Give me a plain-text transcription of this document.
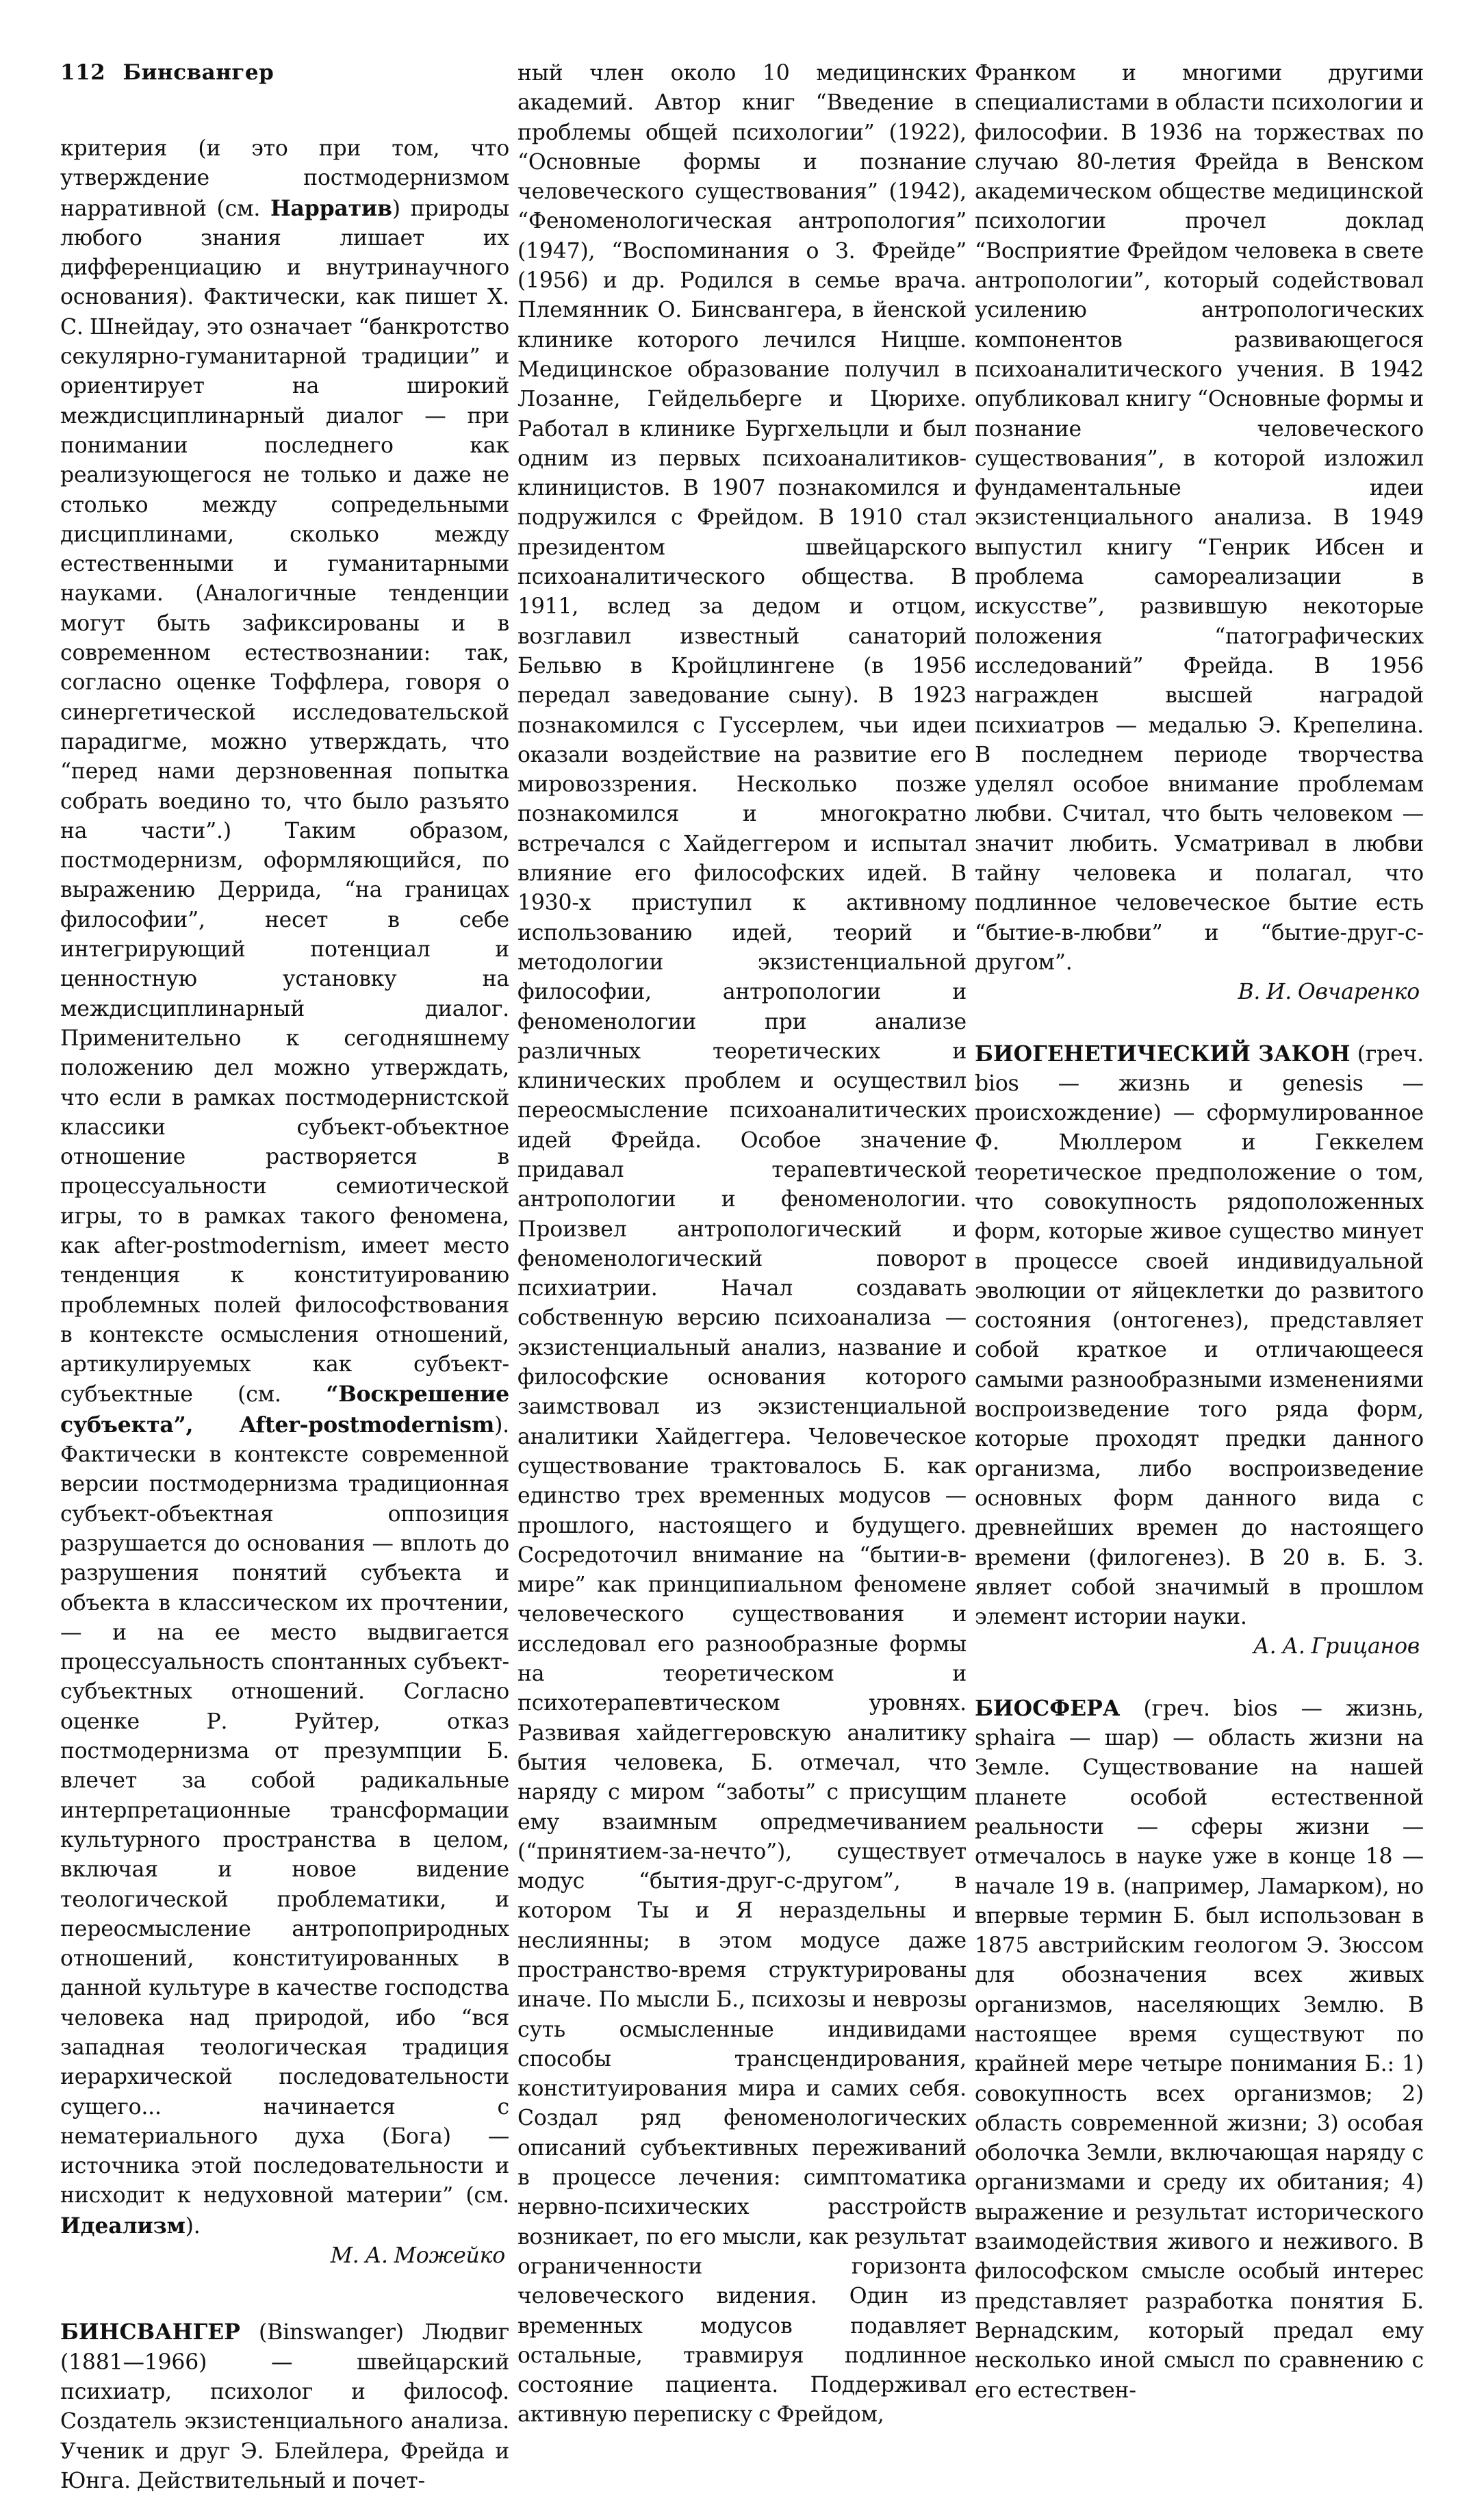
112 Бинсвангер

критерия (и это при том, что утверждение постмодернизмом нарративной (см. Нарратив) природы любого знания лишает их дифференциацию и внутринаучного основания). Фактически, как пишет X. С. Шнейдау, это означает “банкротство секулярно-гуманитарной традиции” и ориентирует на широкий междисциплинарный диалог — при понимании последнего как реализующегося не только и даже не столько между сопредельными дисциплинами, сколько между естественными и гуманитарными науками. (Аналогичные тенденции могут быть зафиксированы и в современном естествознании: так, согласно оценке Тоффлера, говоря о синергетической исследовательской парадигме, можно утверждать, что “перед нами дерзновенная попытка собрать воедино то, что было разъято на части”.) Таким образом, постмодернизм, оформляющийся, по выражению Деррида, “на границах философии”, несет в себе интегрирующий потенциал и ценностную установку на междисциплинарный диалог. Применительно к сегодняшнему положению дел можно утверждать, что если в рамках постмодернистской классики субъект-объектное отношение растворяется в процессуальности семиотической игры, то в рамках такого феномена, как after-postmodernism, имеет место тенденция к конституированию проблемных полей философствования в контексте осмысления отношений, артикулируемых как субъект-субъектные (см. “Воскрешение субъекта”, After-postmodernism). Фактически в контексте современной версии постмодернизма традиционная субъект-объектная оппозиция разрушается до основания — вплоть до разрушения понятий субъекта и объекта в классическом их прочтении, — и на ее место выдвигается процессуальность спонтанных субъект-субъектных отношений. Согласно оценке Р. Руйтер, отказ постмодернизма от презумпции Б. влечет за собой радикальные интерпретационные трансформации культурного пространства в целом, включая и новое видение теологической проблематики, и переосмысление антропоприродных отношений, конституированных в данной культуре в качестве господства человека над природой, ибо “вся западная теологическая традиция иерархической последовательности сущего... начинается с нематериального духа (Бога) — источника этой последовательности и нисходит к недуховной материи” (см. Идеализм).

М. А. Можейко

БИНСВАНГЕР (Binswanger) Людвиг (1881—1966) — швейцарский психиатр, психолог и философ. Создатель экзистенциального анализа. Ученик и друг Э. Блейлера, Фрейда и Юнга. Действительный и почет-

ный член около 10 медицинских академий. Автор книг “Введение в проблемы общей психологии” (1922), “Основные формы и познание человеческого существования” (1942), “Феноменологическая антропология” (1947), “Воспоминания о З. Фрейде” (1956) и др. Родился в семье врача. Племянник О. Бинсвангера, в йенской клинике которого лечился Ницше. Медицинское образование получил в Лозанне, Гейдельберге и Цюрихе. Работал в клинике Бургхельцли и был одним из первых психоаналитиков-клиницистов. В 1907 познакомился и подружился с Фрейдом. В 1910 стал президентом швейцарского психоаналитического общества. В 1911, вслед за дедом и отцом, возглавил известный санаторий Бельвю в Кройцлингене (в 1956 передал заведование сыну). В 1923 познакомился с Гуссерлем, чьи идеи оказали воздействие на развитие его мировоззрения. Несколько позже познакомился и многократно встречался с Хайдеггером и испытал влияние его философских идей. В 1930-х приступил к активному использованию идей, теорий и методологии экзистенциальной философии, антропологии и феноменологии при анализе различных теоретических и клинических проблем и осуществил переосмысление психоаналитических идей Фрейда. Особое значение придавал терапевтической антропологии и феноменологии. Произвел антропологический и феноменологический поворот психиатрии. Начал создавать собственную версию психоанализа — экзистенциальный анализ, название и философские основания которого заимствовал из экзистенциальной аналитики Хайдеггера. Человеческое существование трактовалось Б. как единство трех временных модусов — прошлого, настоящего и будущего. Сосредоточил внимание на “бытии-в-мире” как принципиальном феномене человеческого существования и исследовал его разнообразные формы на теоретическом и психотерапевтическом уровнях. Развивая хайдеггеровскую аналитику бытия человека, Б. отмечал, что наряду с миром “заботы” с присущим ему взаимным опредмечиванием (“принятием-за-нечто”), существует модус “бытия-друг-с-другом”, в котором Ты и Я нераздельны и неслиянны; в этом модусе даже пространство-время структурированы иначе. По мысли Б., психозы и неврозы суть осмысленные индивидами способы трансцендирования, конституирования мира и самих себя. Создал ряд феноменологических описаний субъективных переживаний в процессе лечения: симптоматика нервно-психических расстройств возникает, по его мысли, как результат ограниченности горизонта человеческого видения. Один из временных модусов подавляет остальные, травмируя подлинное состояние пациента. Поддерживал активную переписку с Фрейдом,

Франком и многими другими специалистами в области психологии и философии. В 1936 на торжествах по случаю 80-летия Фрейда в Венском академическом обществе медицинской психологии прочел доклад “Восприятие Фрейдом человека в свете антропологии”, который содействовал усилению антропологических компонентов развивающегося психоаналитического учения. В 1942 опубликовал книгу “Основные формы и познание человеческого существования”, в которой изложил фундаментальные идеи экзистенциального анализа. В 1949 выпустил книгу “Генрик Ибсен и проблема самореализации в искусстве”, развившую некоторые положения “патографических исследований” Фрейда. В 1956 награжден высшей наградой психиатров — медалью Э. Крепелина. В последнем периоде творчества уделял особое внимание проблемам любви. Считал, что быть человеком — значит любить. Усматривал в любви тайну человека и полагал, что подлинное человеческое бытие есть “бытие-в-любви” и “бытие-друг-с-другом”.

В. И. Овчаренко

БИОГЕНЕТИЧЕСКИЙ ЗАКОН (греч. bios — жизнь и genesis — происхождение) — сформулированное Ф. Мюллером и Геккелем теоретическое предположение о том, что совокупность рядоположенных форм, которые живое существо минует в процессе своей индивидуальной эволюции от яйцеклетки до развитого состояния (онтогенез), представляет собой краткое и отличающееся самыми разнообразными изменениями воспроизведение того ряда форм, которые проходят предки данного организма, либо воспроизведение основных форм данного вида с древнейших времен до настоящего времени (филогенез). В 20 в. Б. З. являет собой значимый в прошлом элемент истории науки.

А. А. Грицанов

БИОСФЕРА (греч. bios — жизнь, sphaira — шар) — область жизни на Земле. Существование на нашей планете особой естественной реальности — сферы жизни — отмечалось в науке уже в конце 18 — начале 19 в. (например, Ламарком), но впервые термин Б. был использован в 1875 австрийским геологом Э. Зюссом для обозначения всех живых организмов, населяющих Землю. В настоящее время существуют по крайней мере четыре понимания Б.: 1) совокупность всех организмов; 2) область современной жизни; 3) особая оболочка Земли, включающая наряду с организмами и среду их обитания; 4) выражение и результат исторического взаимодействия живого и неживого. В философском смысле особый интерес представляет разработка понятия Б. Вернадским, который предал ему несколько иной смысл по сравнению с его естествен-
